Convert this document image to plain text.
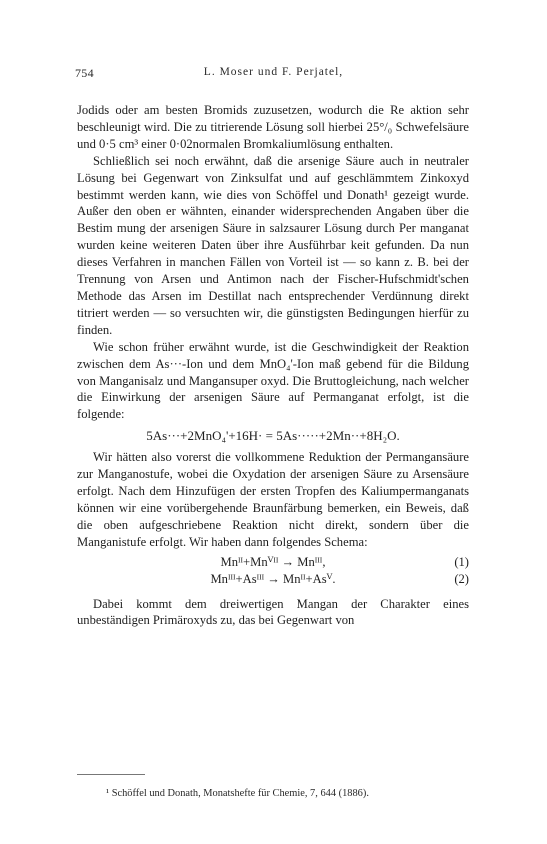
754	L. Moser und F. Perjatel,

Jodids oder am besten Bromids zuzusetzen, wodurch die Re aktion sehr beschleunigt wird. Die zu titrierende Lösung soll hierbei 25°/₀ Schwefelsäure und 0·5 cm³ einer 0·02normalen Bromkaliumlösung enthalten.

Schließlich sei noch erwähnt, daß die arsenige Säure auch in neutraler Lösung bei Gegenwart von Zinksulfat und auf geschlämmtem Zinkoxyd bestimmt werden kann, wie dies von Schöffel und Donath¹ gezeigt wurde. Außer den oben er wähnten, einander widersprechenden Angaben über die Bestim mung der arsenigen Säure in salzsaurer Lösung durch Per manganat wurden keine weiteren Daten über ihre Ausführbar keit gefunden. Da nun dieses Verfahren in manchen Fällen von Vorteil ist — so kann z. B. bei der Trennung von Arsen und Antimon nach der Fischer-Hufschmidt'schen Methode das Arsen im Destillat nach entsprechender Verdünnung direkt titriert werden — so versuchten wir, die günstigsten Bedingungen hierfür zu finden.

Wie schon früher erwähnt wurde, ist die Geschwindigkeit der Reaktion zwischen dem As···-Ion und dem MnO₄'-Ion maß gebend für die Bildung von Manganisalz und Mangansuper oxyd. Die Bruttogleichung, nach welcher die Einwirkung der arsenigen Säure auf Permanganat erfolgt, ist die folgende:

5As···+2MnO₄'+16H· = 5As·····+2Mn··+8H₂O.

Wir hätten also vorerst die vollkommene Reduktion der Permangansäure zur Manganostufe, wobei die Oxydation der arsenigen Säure zu Arsensäure erfolgt. Nach dem Hinzufügen der ersten Tropfen des Kaliumpermanganats können wir eine vorübergehende Braunfärbung bemerken, ein Beweis, daß die oben aufgeschriebene Reaktion nicht direkt, sondern über die Manganistufe erfolgt. Wir haben dann folgendes Schema:

Mnᴵᴵ+Mnⱽᴵᴵ → Mnᴵᴵᴵ,	(1)
Mnᴵᴵᴵ+Asᴵᴵᴵ → Mnᴵᴵ+Asⱽ.	(2)

Dabei kommt dem dreiwertigen Mangan der Charakter eines unbeständigen Primäroxyds zu, das bei Gegenwart von

¹ Schöffel und Donath, Monatshefte für Chemie, 7, 644 (1886).
